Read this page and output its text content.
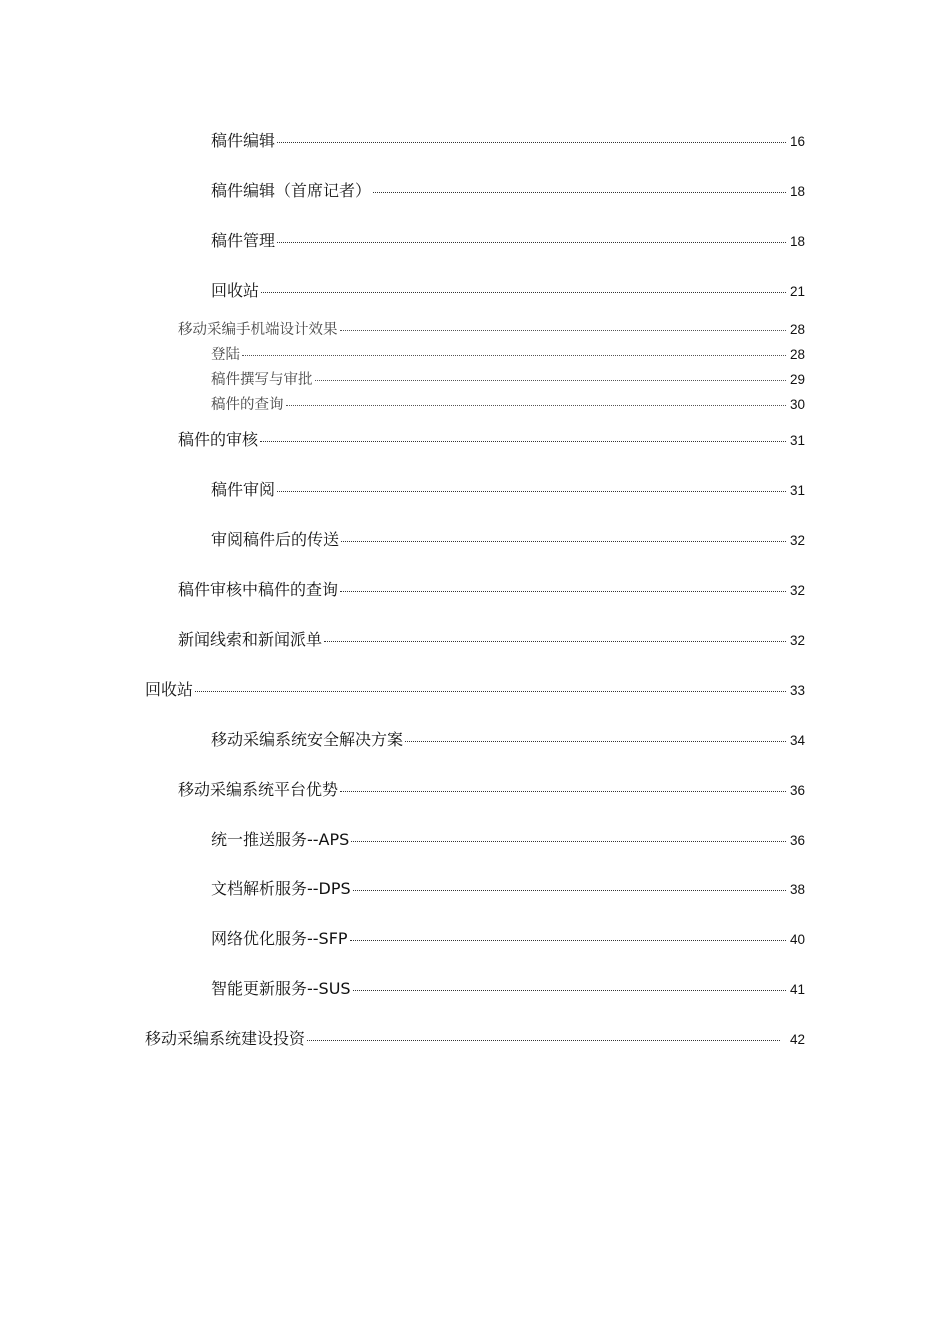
稿件编辑	16
稿件编辑（首席记者）	18
稿件管理	18
回收站	21
移动采编手机端设计效果	28
登陆	28
稿件撰写与审批	29
稿件的查询	30
稿件的审核	31
稿件审阅	31
审阅稿件后的传送	32
稿件审核中稿件的查询	32
新闻线索和新闻派单	32
回收站	33
移动采编系统安全解决方案	34
移动采编系统平台优势	36
统一推送服务--APS	36
文档解析服务--DPS	38
网络优化服务--SFP	40
智能更新服务--SUS	41
移动采编系统建设投资	42
